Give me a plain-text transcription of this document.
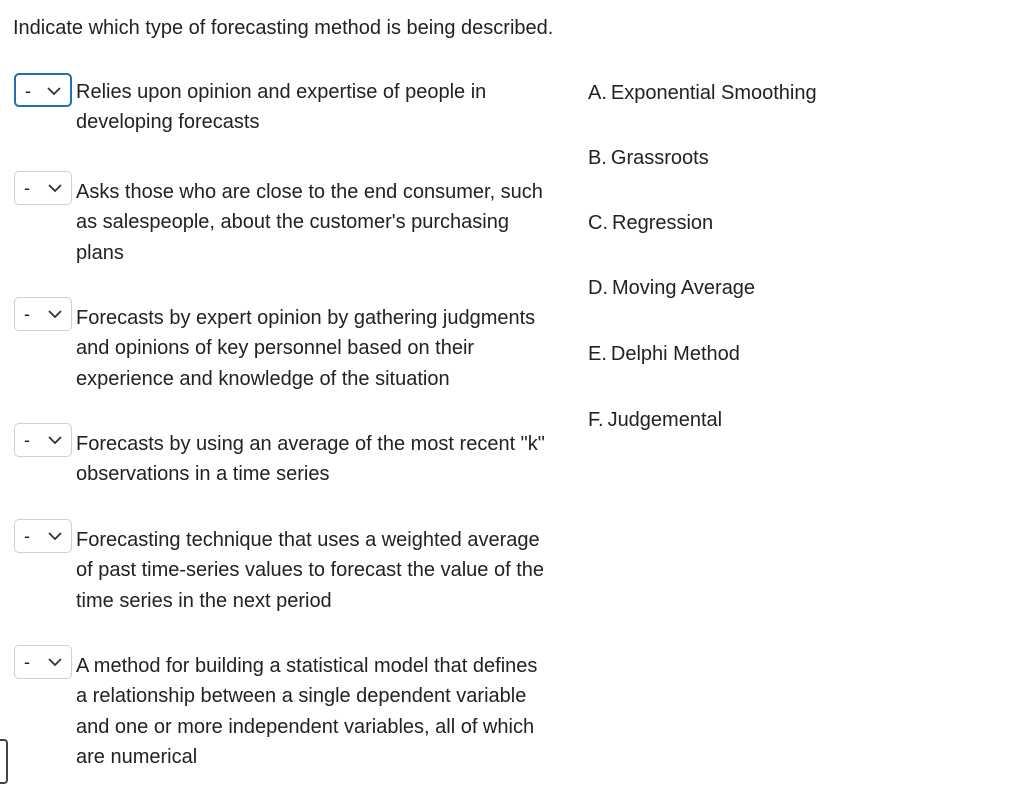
Indicate which type of forecasting method is being described.
- Relies upon opinion and expertise of people in developing forecasts
- Asks those who are close to the end consumer, such as salespeople, about the customer's purchasing plans
- Forecasts by expert opinion by gathering judgments and opinions of key personnel based on their experience and knowledge of the situation
- Forecasts by using an average of the most recent "k" observations in a time series
- Forecasting technique that uses a weighted average of past time-series values to forecast the value of the time series in the next period
- A method for building a statistical model that defines a relationship between a single dependent variable and one or more independent variables, all of which are numerical
A. Exponential Smoothing
B. Grassroots
C. Regression
D. Moving Average
E. Delphi Method
F. Judgemental
